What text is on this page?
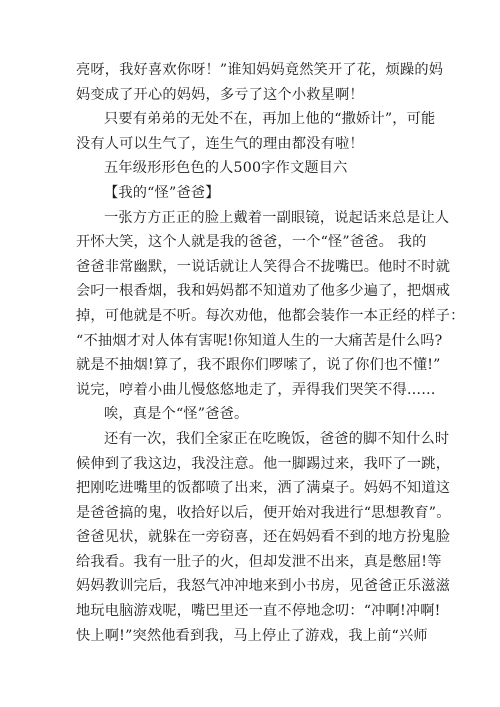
亮呀，我好喜欢你呀！”谁知妈妈竟然笑开了花，烦躁的妈
妈变成了开心的妈妈，多亏了这个小救星啊！
只要有弟弟的无处不在，再加上他的“撒娇计”，可能
没有人可以生气了，连生气的理由都没有啦！
五年级形形色色的人500字作文题目六
【我的“怪”爸爸】
一张方方正正的脸上戴着一副眼镜，说起话来总是让人
开怀大笑，这个人就是我的爸爸，一个“怪”爸爸。 我的
爸爸非常幽默，一说话就让人笑得合不拢嘴巴。他时不时就
会叼一根香烟，我和妈妈都不知道劝了他多少遍了，把烟戒
掉，可他就是不听。每次劝他，他都会装作一本正经的样子：
“不抽烟才对人体有害呢!你知道人生的一大痛苦是什么吗?
就是不抽烟!算了，我不跟你们啰嗦了，说了你们也不懂!”
说完，哼着小曲儿慢悠悠地走了，弄得我们哭笑不得……
唉，真是个“怪”爸爸。
还有一次，我们全家正在吃晚饭，爸爸的脚不知什么时
候伸到了我这边，我没注意。他一脚踢过来，我吓了一跳，
把刚吃进嘴里的饭都喷了出来，洒了满桌子。妈妈不知道这
是爸爸搞的鬼，收拾好以后，便开始对我进行“思想教育”。
爸爸见状，就躲在一旁窃喜，还在妈妈看不到的地方扮鬼脸
给我看。我有一肚子的火，但却发泄不出来，真是憋屈!等
妈妈教训完后，我怒气冲冲地来到小书房，见爸爸正乐滋滋
地玩电脑游戏呢，嘴巴里还一直不停地念叨：“冲啊!冲啊!
快上啊!”突然他看到我，马上停止了游戏，我上前“兴师
